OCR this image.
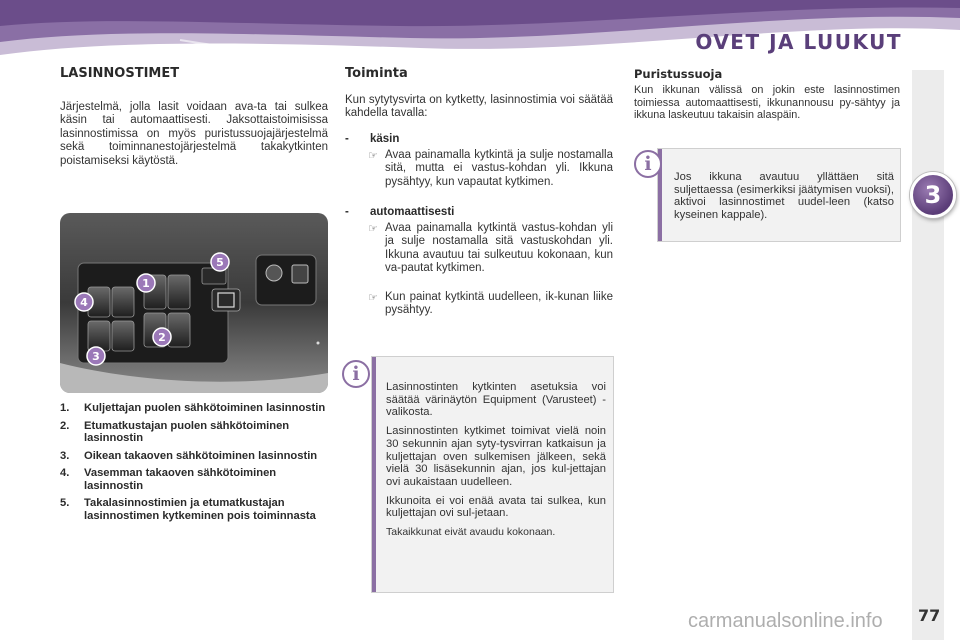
OVET JA LUUKUT
3
77
LASINNOSTIMET
Järjestelmä, jolla lasit voidaan ava-ta tai sulkea käsin tai automaattisesti. Jaksottaistoimisissa lasinnostimissa on myös puristussuojajärjestelmä sekä toiminnanestojärjestelmä takakytkinten poistamiseksi käytöstä.
1
2
3
4
5
1.	Kuljettajan puolen sähkötoiminen lasinnostin
2.	Etumatkustajan puolen sähkötoiminen lasinnostin
3.	Oikean takaoven sähkötoiminen lasinnostin
4.	Vasemman takaoven sähkötoiminen lasinnostin
5.	Takalasinnostimien ja etumatkustajan lasinnostimen kytkeminen pois toiminnasta
Toiminta
Kun sytytysvirta on kytketty, lasinnostimia voi säätää kahdella tavalla:
- käsin
☞ Avaa painamalla kytkintä ja sulje nostamalla sitä, mutta ei vastus-kohdan yli. Ikkuna pysähtyy, kun vapautat kytkimen.
- automaattisesti
☞ Avaa painamalla kytkintä vastus-kohdan yli ja sulje nostamalla sitä vastuskohdan yli. Ikkuna avautuu tai sulkeutuu kokonaan, kun va-pautat kytkimen.
☞ Kun painat kytkintä uudelleen, ik-kunan liike pysähtyy.

Lasinnostinten kytkinten asetuksia voi säätää värinäytön Equipment (Varusteet) - valikosta.

Lasinnostinten kytkimet toimivat vielä noin 30 sekunnin ajan syty-tysvirran katkaisun ja kuljettajan oven sulkemisen jälkeen, sekä vielä 30 lisäsekunnin ajan, jos kul-jettajan ovi aukaistaan uudelleen.

Ikkunoita ei voi enää avata tai sulkea, kun kuljettajan ovi sul-jetaan.

Takaikkunat eivät avaudu kokonaan.

i
Puristussuoja
Kun ikkunan välissä on jokin este lasinnostimen toimiessa automaattisesti, ikkunannousu py-sähtyy ja ikkuna laskeutuu takaisin alaspäin.

Jos ikkuna avautuu yllättäen sitä suljettaessa (esimerkiksi jäätymisen vuoksi), aktivoi lasinnostimet uudel-leen (katso kyseinen kappale).

i
carmanualsonline.info
